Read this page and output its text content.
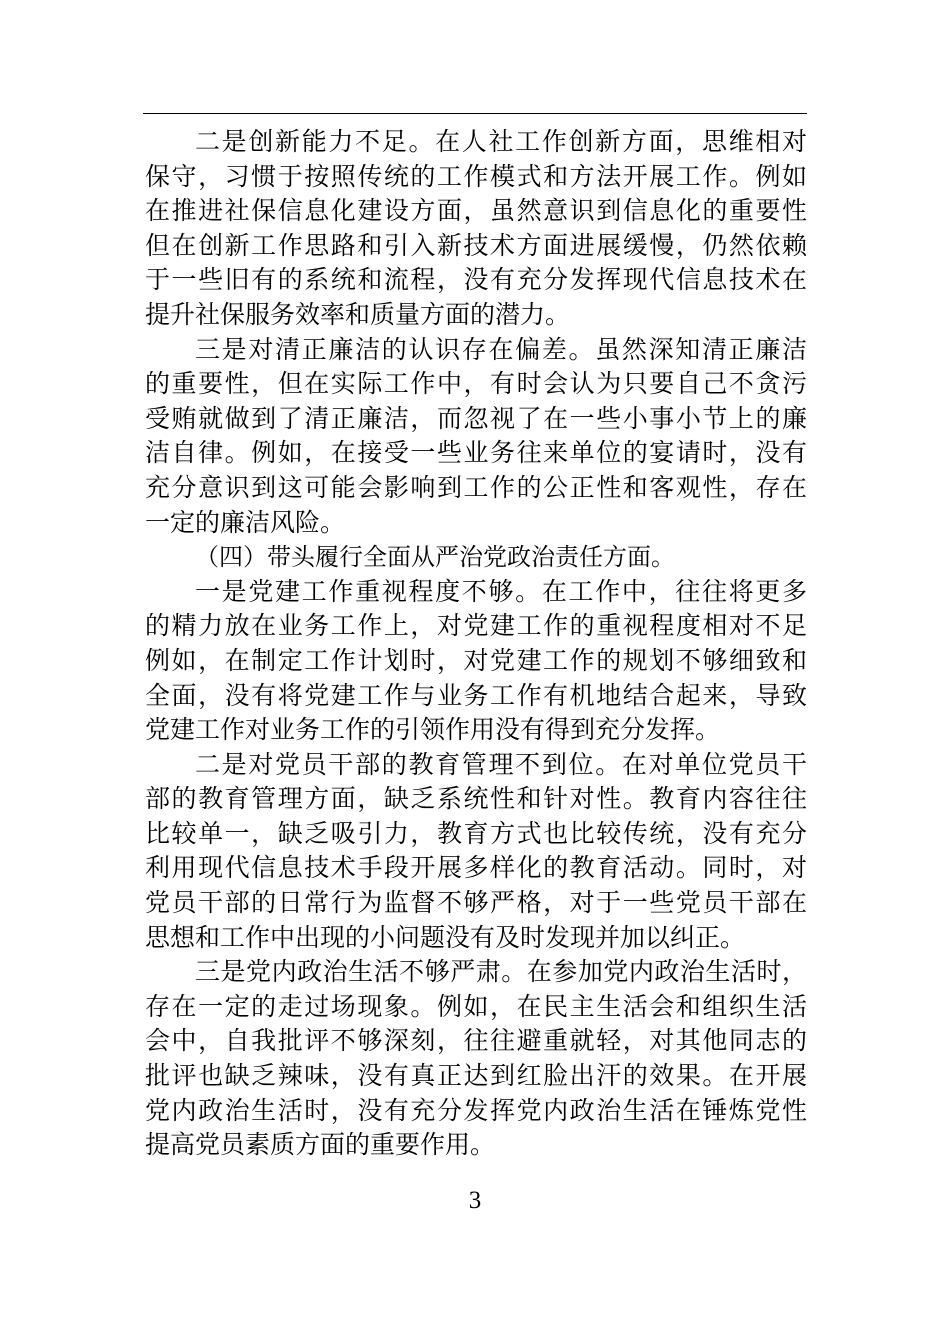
二是创新能力不足。在人社工作创新方面，思维相对
保守，习惯于按照传统的工作模式和方法开展工作。例如
在推进社保信息化建设方面，虽然意识到信息化的重要性
但在创新工作思路和引入新技术方面进展缓慢，仍然依赖
于一些旧有的系统和流程，没有充分发挥现代信息技术在
提升社保服务效率和质量方面的潜力。
三是对清正廉洁的认识存在偏差。虽然深知清正廉洁
的重要性，但在实际工作中，有时会认为只要自己不贪污
受贿就做到了清正廉洁，而忽视了在一些小事小节上的廉
洁自律。例如，在接受一些业务往来单位的宴请时，没有
充分意识到这可能会影响到工作的公正性和客观性，存在
一定的廉洁风险。
（四）带头履行全面从严治党政治责任方面。
一是党建工作重视程度不够。在工作中，往往将更多
的精力放在业务工作上，对党建工作的重视程度相对不足
例如，在制定工作计划时，对党建工作的规划不够细致和
全面，没有将党建工作与业务工作有机地结合起来，导致
党建工作对业务工作的引领作用没有得到充分发挥。
二是对党员干部的教育管理不到位。在对单位党员干
部的教育管理方面，缺乏系统性和针对性。教育内容往往
比较单一，缺乏吸引力，教育方式也比较传统，没有充分
利用现代信息技术手段开展多样化的教育活动。同时，对
党员干部的日常行为监督不够严格，对于一些党员干部在
思想和工作中出现的小问题没有及时发现并加以纠正。
三是党内政治生活不够严肃。在参加党内政治生活时，
存在一定的走过场现象。例如，在民主生活会和组织生活
会中，自我批评不够深刻，往往避重就轻，对其他同志的
批评也缺乏辣味，没有真正达到红脸出汗的效果。在开展
党内政治生活时，没有充分发挥党内政治生活在锤炼党性
提高党员素质方面的重要作用。
3
